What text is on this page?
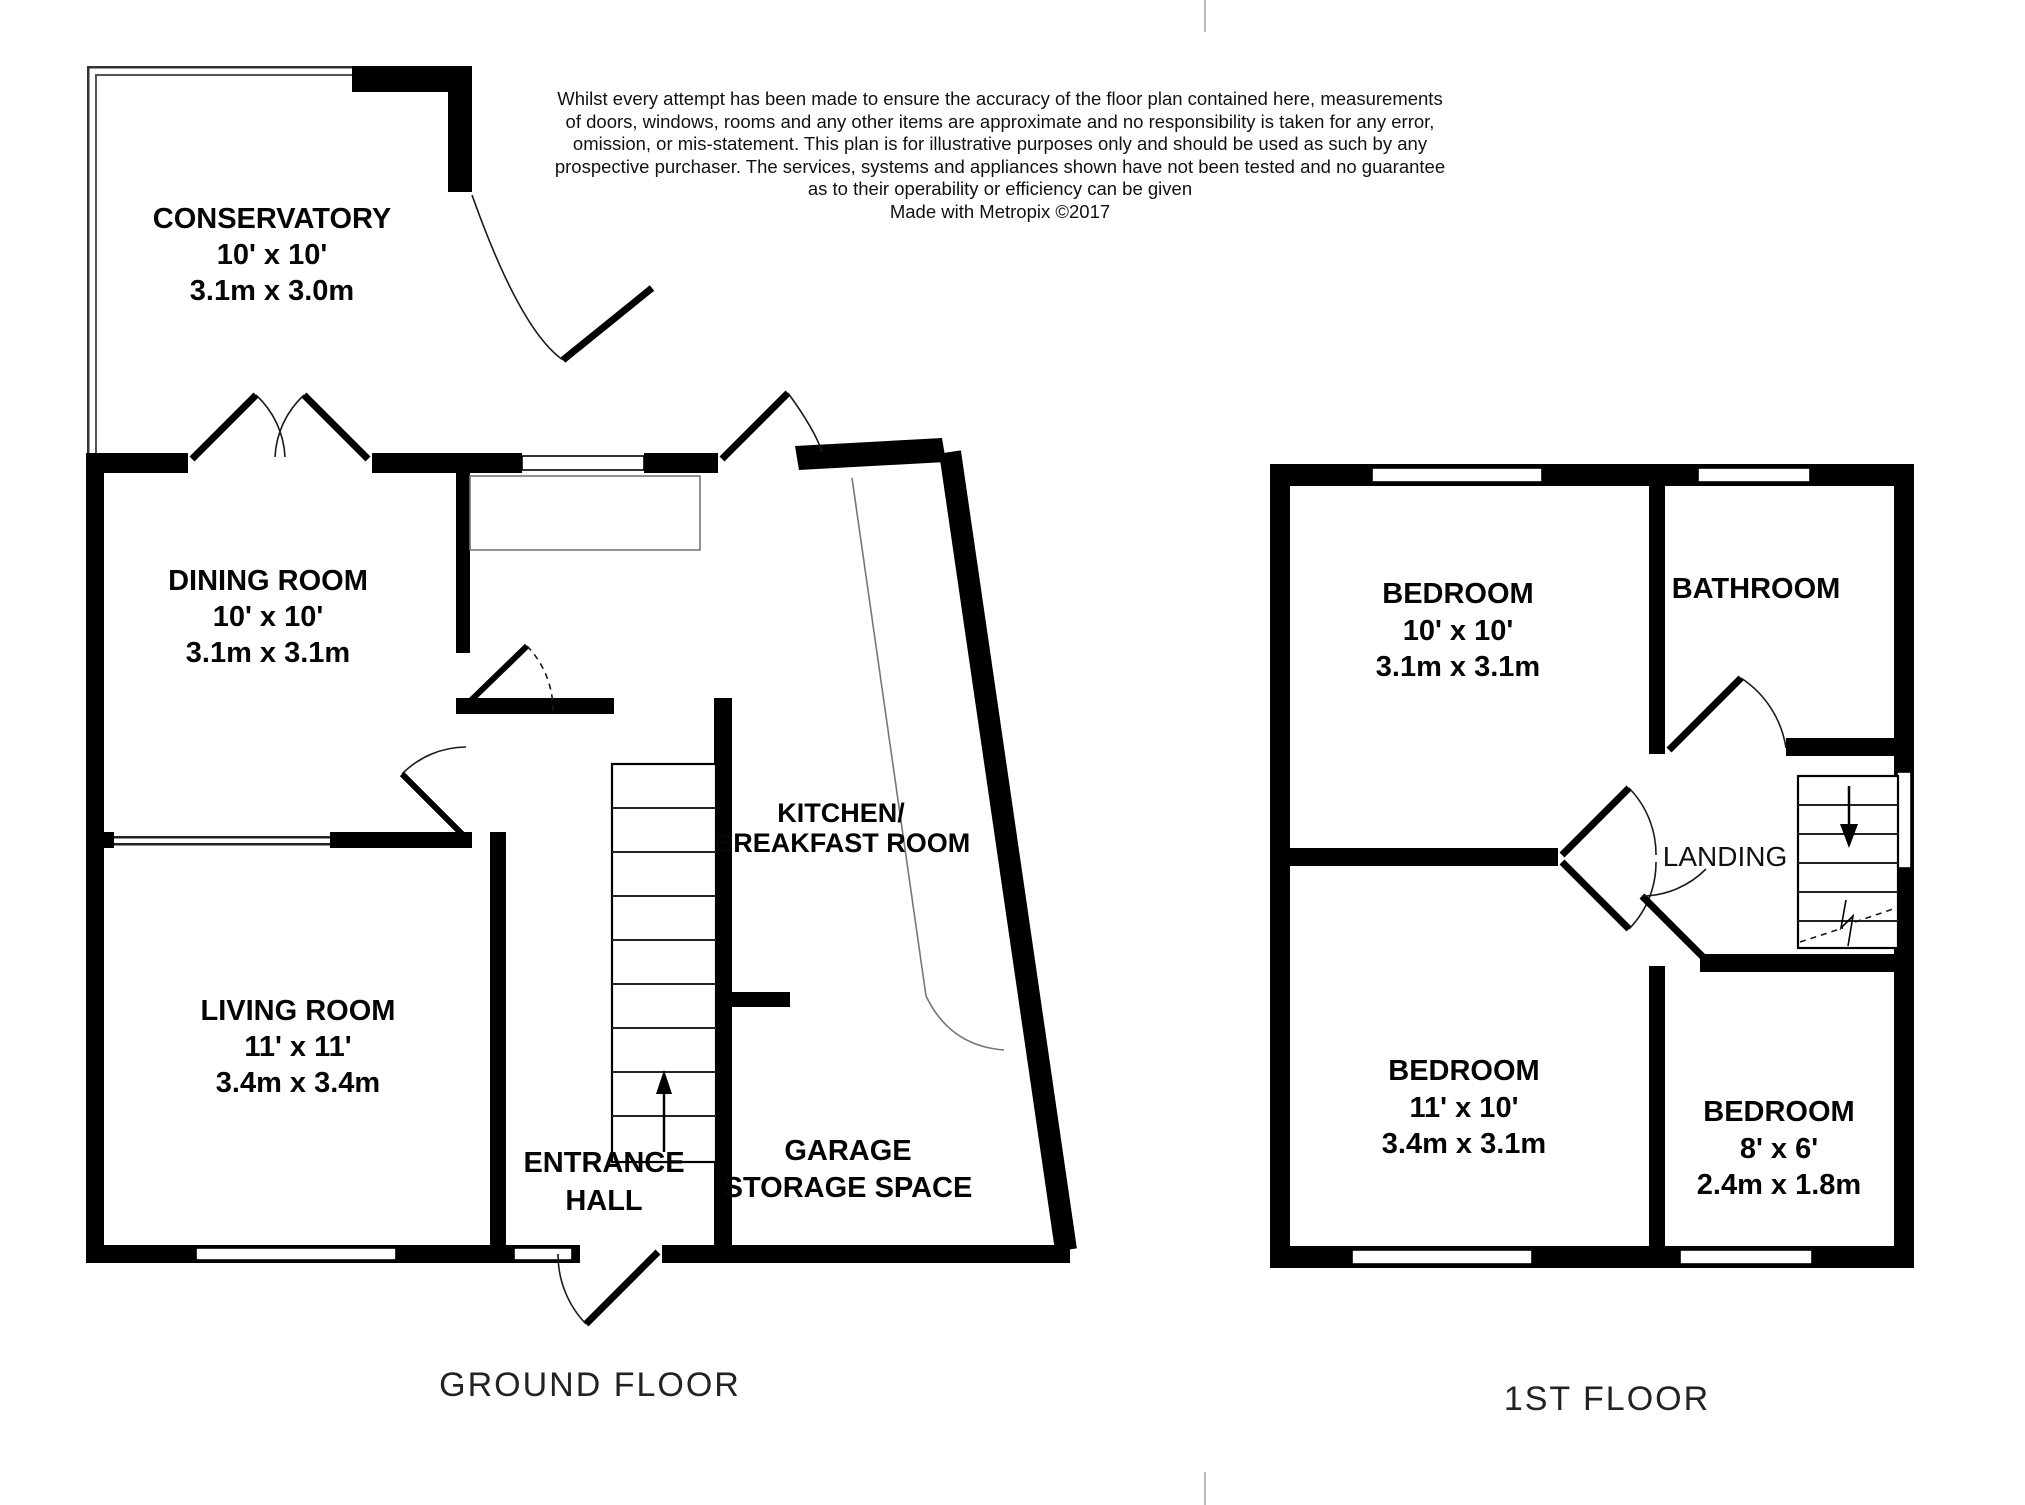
Whilst every attempt has been made to ensure the accuracy of the floor plan contained here, measurements
of doors, windows, rooms and any other items are approximate and no responsibility is taken for any error,
omission, or mis-statement. This plan is for illustrative purposes only and should be used as such by any
prospective purchaser. The services, systems and appliances shown have not been tested and no guarantee
as to their operability or efficiency can be given
Made with Metropix ©2017
CONSERVATORY
10' x 10'
3.1m x 3.0m
DINING ROOM
10' x 10'
3.1m x 3.1m
LIVING ROOM
11' x 11'
3.4m x 3.4m
KITCHEN/
BREAKFAST ROOM
ENTRANCE
HALL
GARAGE
STORAGE SPACE
GROUND FLOOR
BEDROOM
10' x 10'
3.1m x 3.1m
BATHROOM
LANDING
BEDROOM
11' x 10'
3.4m x 3.1m
BEDROOM
8' x 6'
2.4m x 1.8m
1ST FLOOR
